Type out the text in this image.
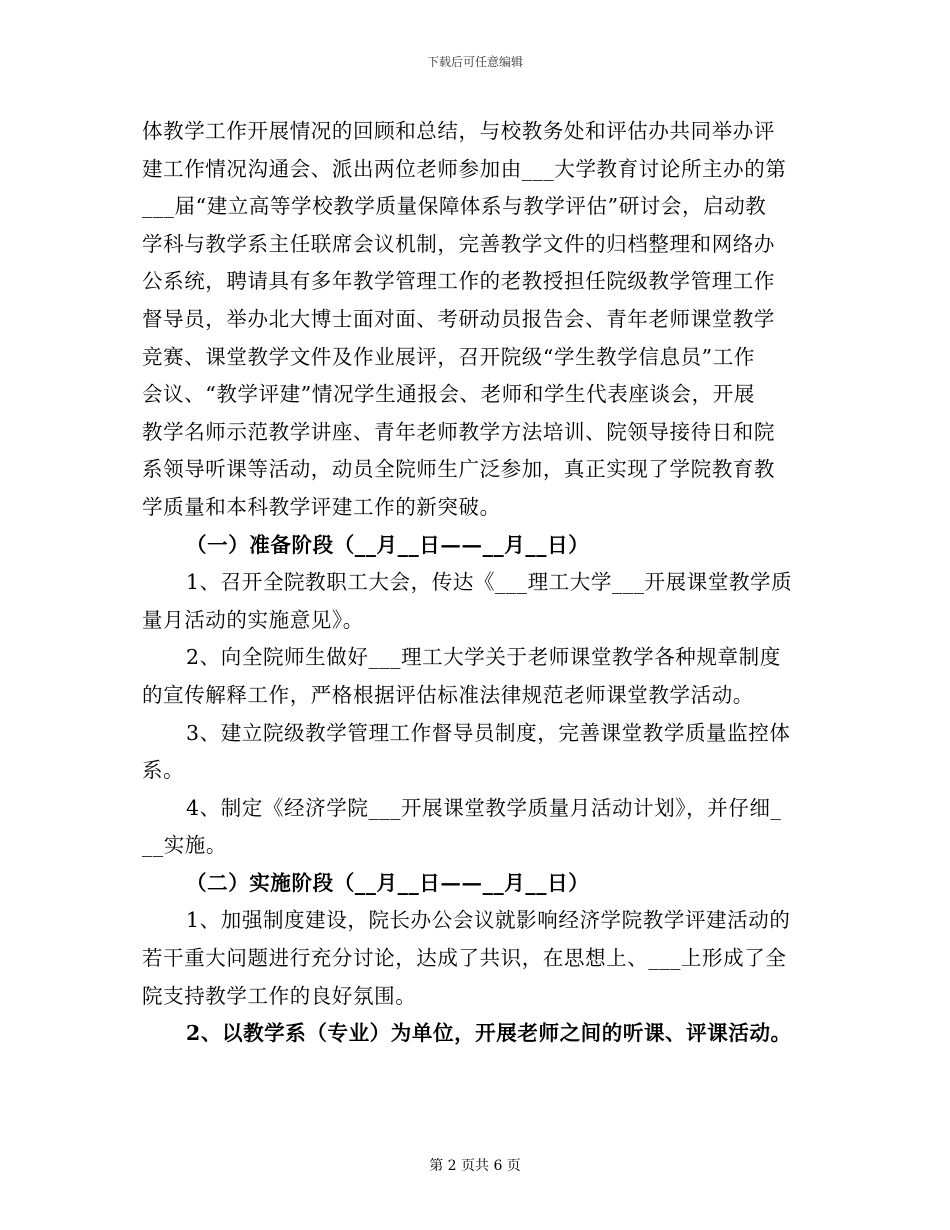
下载后可任意编辑
体教学工作开展情况的回顾和总结，与校教务处和评估办共同举办评
建工作情况沟通会、派出两位老师参加由___大学教育讨论所主办的第
___届“建立高等学校教学质量保障体系与教学评估”研讨会，启动教
学科与教学系主任联席会议机制，完善教学文件的归档整理和网络办
公系统，聘请具有多年教学管理工作的老教授担任院级教学管理工作
督导员，举办北大博士面对面、考研动员报告会、青年老师课堂教学
竞赛、课堂教学文件及作业展评，召开院级“学生教学信息员”工作
会议、“教学评建”情况学生通报会、老师和学生代表座谈会，开展
教学名师示范教学讲座、青年老师教学方法培训、院领导接待日和院
系领导听课等活动，动员全院师生广泛参加，真正实现了学院教育教
学质量和本科教学评建工作的新突破。
（一）准备阶段（__月__日——__月__日）
1、召开全院教职工大会，传达《___理工大学___开展课堂教学质
量月活动的实施意见》。
2、向全院师生做好___理工大学关于老师课堂教学各种规章制度
的宣传解释工作，严格根据评估标准法律规范老师课堂教学活动。
3、建立院级教学管理工作督导员制度，完善课堂教学质量监控体
系。
4、制定《经济学院___开展课堂教学质量月活动计划》，并仔细_
__实施。
（二）实施阶段（__月__日——__月__日）
1、加强制度建设，院长办公会议就影响经济学院教学评建活动的
若干重大问题进行充分讨论，达成了共识，在思想上、___上形成了全
院支持教学工作的良好氛围。
2、以教学系（专业）为单位，开展老师之间的听课、评课活动。
第 2 页共 6 页
